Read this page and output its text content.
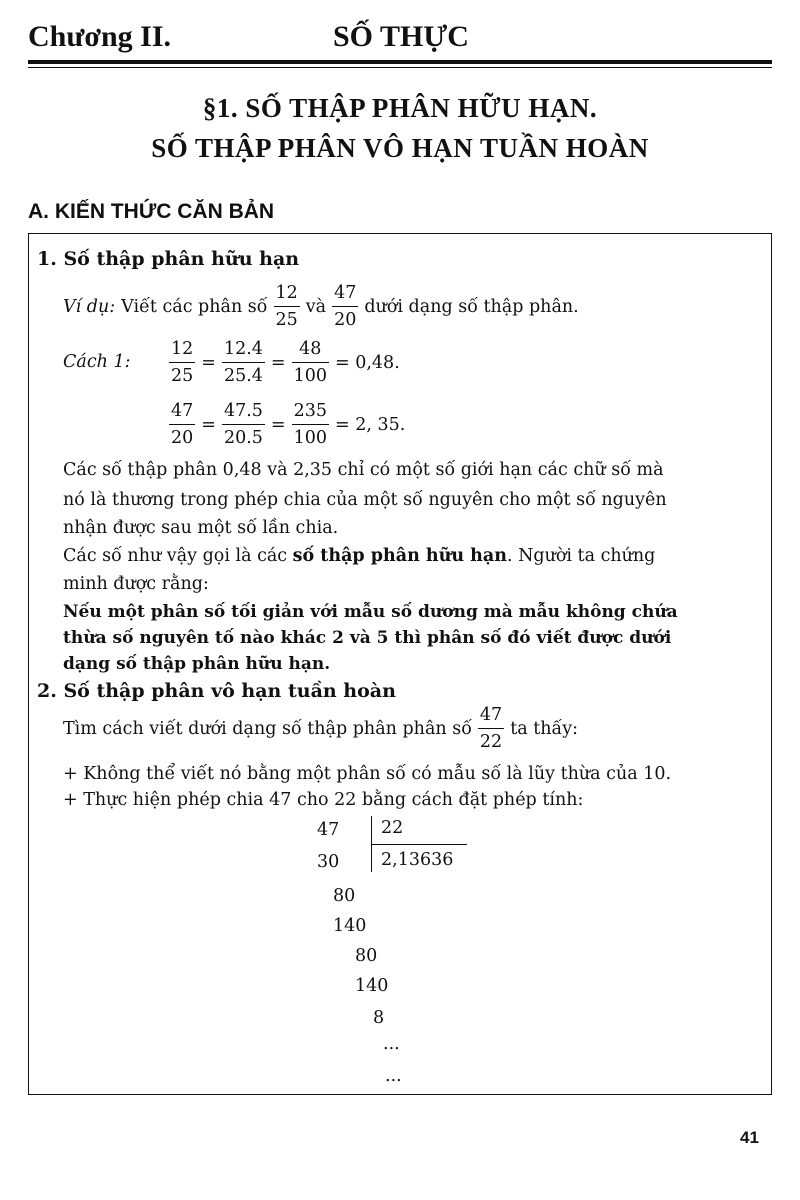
Chương II.	SỐ THỰC
§1. SỐ THẬP PHÂN HỮU HẠN.
SỐ THẬP PHÂN VÔ HẠN TUẦN HOÀN
A. KIẾN THỨC CĂN BẢN
1. Số thập phân hữu hạn
Ví dụ: Viết các phân số $\frac{12}{25}$ và $\frac{47}{20}$ dưới dạng số thập phân.
Cách 1: $\frac{12}{25} = \frac{12.4}{25.4} = \frac{48}{100} = 0,48$.
$\frac{47}{20} = \frac{47.5}{20.5} = \frac{235}{100} = 2$, 35.
Các số thập phân 0,48 và 2,35 chỉ có một số giới hạn các chữ số mà
nó là thương trong phép chia của một số nguyên cho một số nguyên
nhận được sau một số lần chia.
Các số như vậy gọi là các số thập phân hữu hạn. Người ta chứng
minh được rằng:
Nếu một phân số tối giản với mẫu số dương mà mẫu không chứa
thừa số nguyên tố nào khác 2 và 5 thì phân số đó viết được dưới
dạng số thập phân hữu hạn.
2. Số thập phân vô hạn tuần hoàn
Tìm cách viết dưới dạng số thập phân phân số $\frac{47}{22}$ ta thấy:
+ Không thể viết nó bằng một phân số có mẫu số là lũy thừa của 10.
+ Thực hiện phép chia 47 cho 22 bằng cách đặt phép tính:
47 22
2,13636
30
80
140
80
140
8
...
...
41
